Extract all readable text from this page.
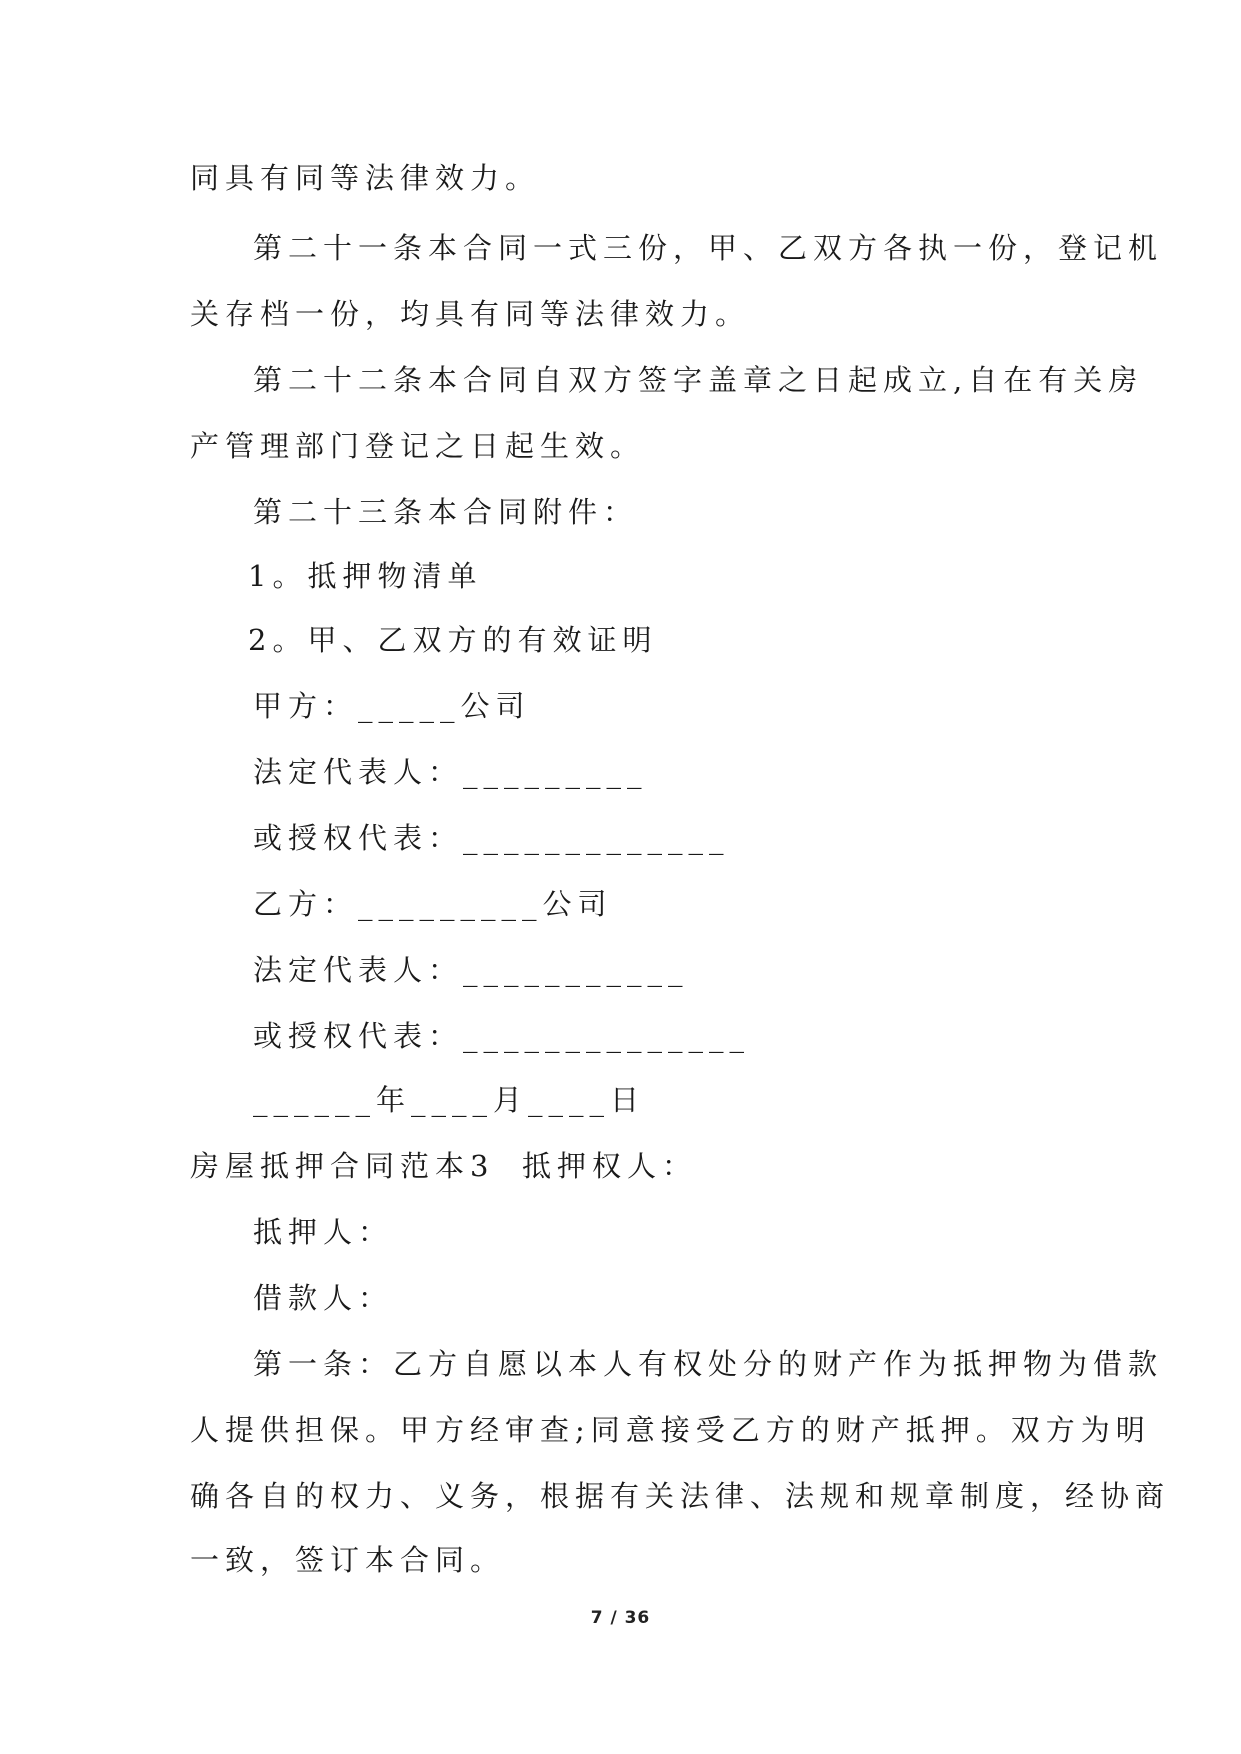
同具有同等法律效力。
第二十一条本合同一式三份，甲、乙双方各执一份，登记机
关存档一份，均具有同等法律效力。
第二十二条本合同自双方签字盖章之日起成立,自在有关房
产管理部门登记之日起生效。
第二十三条本合同附件：
1。抵押物清单
2。甲、乙双方的有效证明
甲方：_____公司
法定代表人：_________
或授权代表：_____________
乙方：_________公司
法定代表人：___________
或授权代表：______________
______年____月____日
房屋抵押合同范本3 抵押权人：
抵押人：
借款人：
第一条：乙方自愿以本人有权处分的财产作为抵押物为借款
人提供担保。甲方经审查;同意接受乙方的财产抵押。双方为明
确各自的权力、义务，根据有关法律、法规和规章制度，经协商
一致，签订本合同。
7 / 36
